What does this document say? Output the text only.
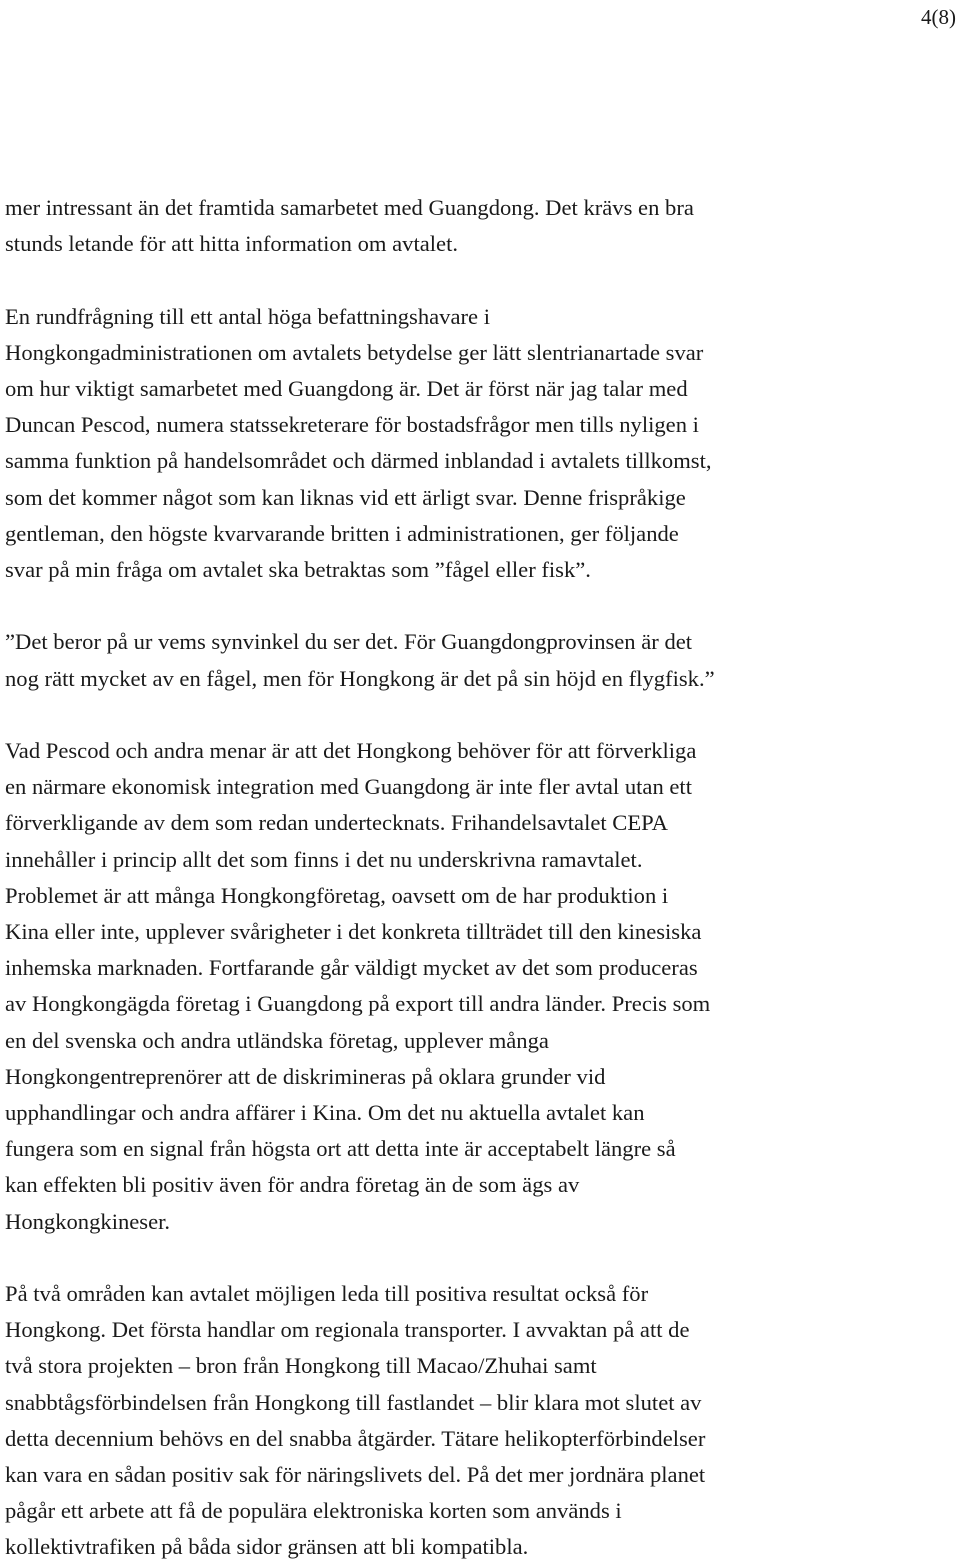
4(8)

mer intressant än det framtida samarbetet med Guangdong. Det krävs en bra
stunds letande för att hitta information om avtalet.

En rundfrågning till ett antal höga befattningshavare i
Hongkongadministrationen om avtalets betydelse ger lätt slentrianartade svar
om hur viktigt samarbetet med Guangdong är. Det är först när jag talar med
Duncan Pescod, numera statssekreterare för bostadsfrågor men tills nyligen i
samma funktion på handelsområdet och därmed inblandad i avtalets tillkomst,
som det kommer något som kan liknas vid ett ärligt svar. Denne frispråkige
gentleman, den högste kvarvarande britten i administrationen, ger följande
svar på min fråga om avtalet ska betraktas som ”fågel eller fisk”.

”Det beror på ur vems synvinkel du ser det. För Guangdongprovinsen är det
nog rätt mycket av en fågel, men för Hongkong är det på sin höjd en flygfisk.”

Vad Pescod och andra menar är att det Hongkong behöver för att förverkliga
en närmare ekonomisk integration med Guangdong är inte fler avtal utan ett
förverkligande av dem som redan undertecknats. Frihandelsavtalet CEPA
innehåller i princip allt det som finns i det nu underskrivna ramavtalet.
Problemet är att många Hongkongföretag, oavsett om de har produktion i
Kina eller inte, upplever svårigheter i det konkreta tillträdet till den kinesiska
inhemska marknaden. Fortfarande går väldigt mycket av det som produceras
av Hongkongägda företag i Guangdong på export till andra länder. Precis som
en del svenska och andra utländska företag, upplever många
Hongkongentreprenörer att de diskrimineras på oklara grunder vid
upphandlingar och andra affärer i Kina. Om det nu aktuella avtalet kan
fungera som en signal från högsta ort att detta inte är acceptabelt längre så
kan effekten bli positiv även för andra företag än de som ägs av
Hongkongkineser.

På två områden kan avtalet möjligen leda till positiva resultat också för
Hongkong. Det första handlar om regionala transporter. I avvaktan på att de
två stora projekten – bron från Hongkong till Macao/Zhuhai samt
snabbtågsförbindelsen från Hongkong till fastlandet – blir klara mot slutet av
detta decennium behövs en del snabba åtgärder. Tätare helikopterförbindelser
kan vara en sådan positiv sak för näringslivets del. På det mer jordnära planet
pågår ett arbete att få de populära elektroniska korten som används i
kollektivtrafiken på båda sidor gränsen att bli kompatibla.
